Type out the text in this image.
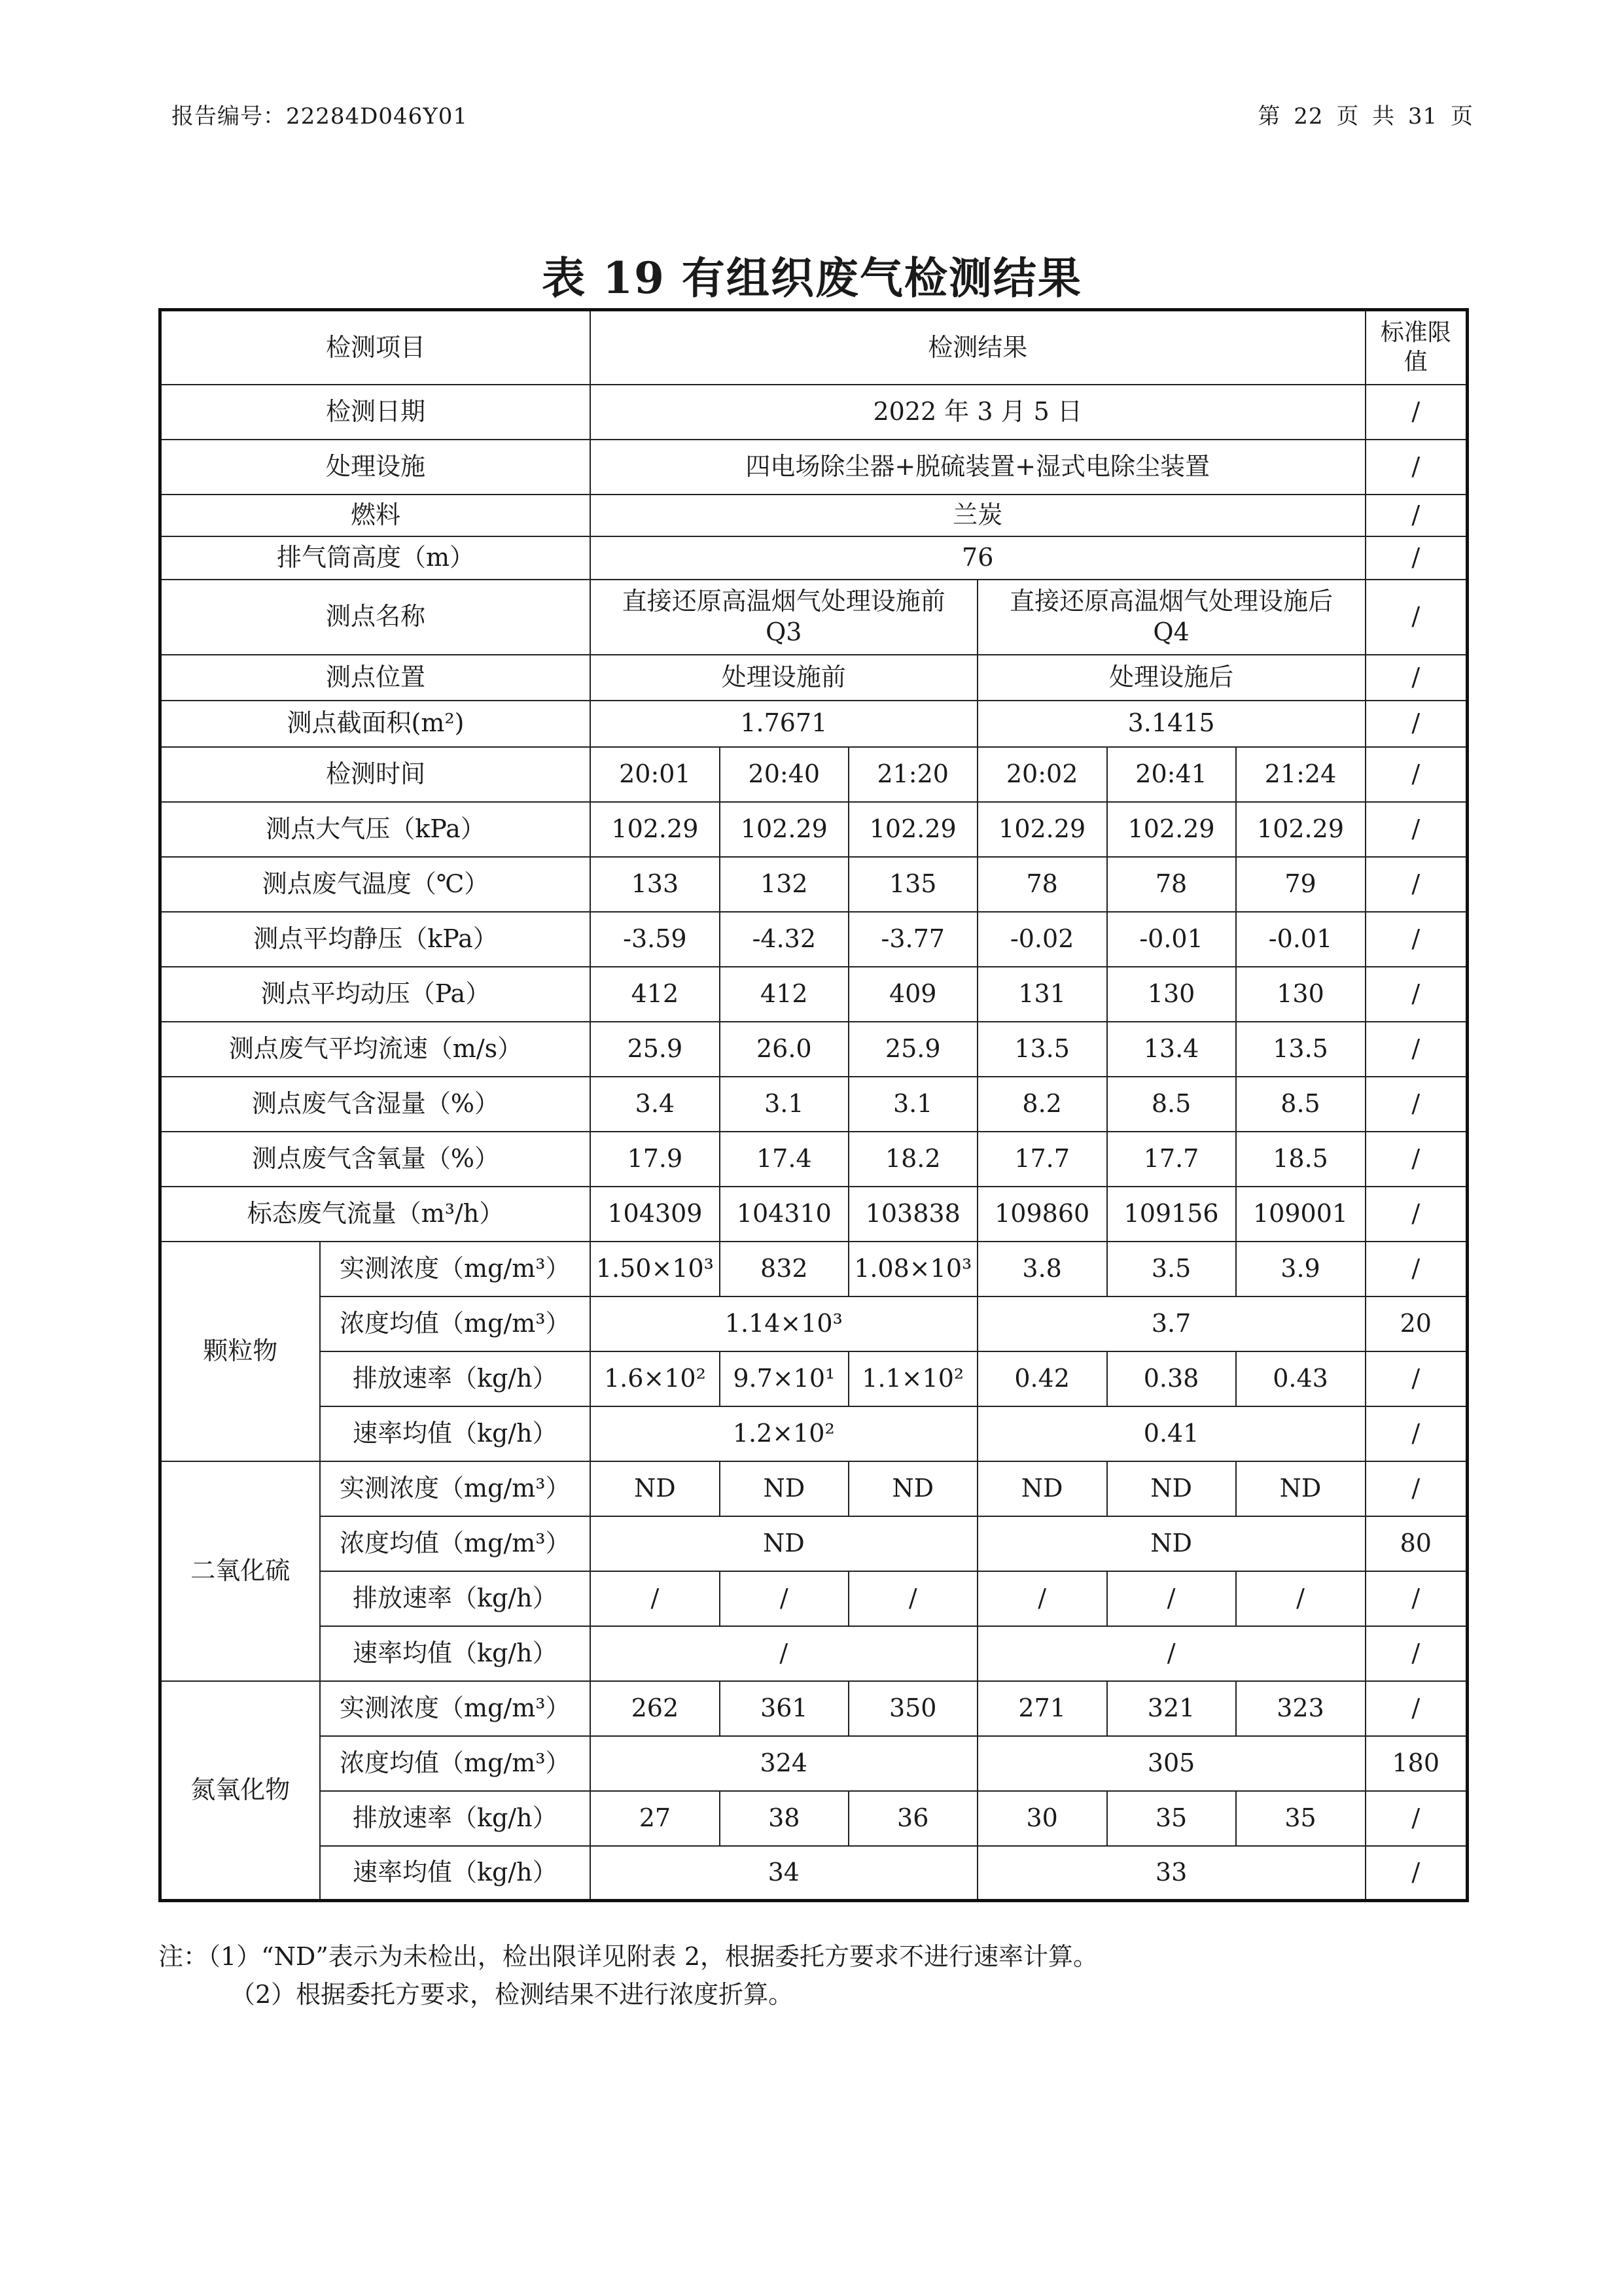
报告编号：22284D046Y01	第 22 页 共 31 页
表 19 有组织废气检测结果
检测项目		检测结果						标准限值
检测日期		2022 年 3 月 5 日						/
处理设施		四电场除尘器+脱硫装置+湿式电除尘装置						/
燃料		兰炭						/
排气筒高度（m）		76						/
测点名称		直接还原高温烟气处理设施前 Q3			直接还原高温烟气处理设施后 Q4			/
测点位置		处理设施前			处理设施后			/
测点截面积(m²)		1.7671			3.1415			/
检测时间		20:01	20:40	21:20	20:02	20:41	21:24	/
测点大气压（kPa）		102.29	102.29	102.29	102.29	102.29	102.29	/
测点废气温度（℃）		133	132	135	78	78	79	/
测点平均静压（kPa）		-3.59	-4.32	-3.77	-0.02	-0.01	-0.01	/
测点平均动压（Pa）		412	412	409	131	130	130	/
测点废气平均流速（m/s）		25.9	26.0	25.9	13.5	13.4	13.5	/
测点废气含湿量（%）		3.4	3.1	3.1	8.2	8.5	8.5	/
测点废气含氧量（%）		17.9	17.4	18.2	17.7	17.7	18.5	/
标态废气流量（m³/h）		104309	104310	103838	109860	109156	109001	/
颗粒物	实测浓度（mg/m³）	1.50×10³	832	1.08×10³	3.8	3.5	3.9	/
	浓度均值（mg/m³）	1.14×10³			3.7			20
	排放速率（kg/h）	1.6×10²	9.7×10¹	1.1×10²	0.42	0.38	0.43	/
	速率均值（kg/h）	1.2×10²			0.41			/
二氧化硫	实测浓度（mg/m³）	ND	ND	ND	ND	ND	ND	/
	浓度均值（mg/m³）	ND			ND			80
	排放速率（kg/h）	/	/	/	/	/	/	/
	速率均值（kg/h）	/			/			/
氮氧化物	实测浓度（mg/m³）	262	361	350	271	321	323	/
	浓度均值（mg/m³）	324			305			180
	排放速率（kg/h）	27	38	36	30	35	35	/
	速率均值（kg/h）	34			33			/
注：（1）“ND”表示为未检出，检出限详见附表 2，根据委托方要求不进行速率计算。
（2）根据委托方要求，检测结果不进行浓度折算。
